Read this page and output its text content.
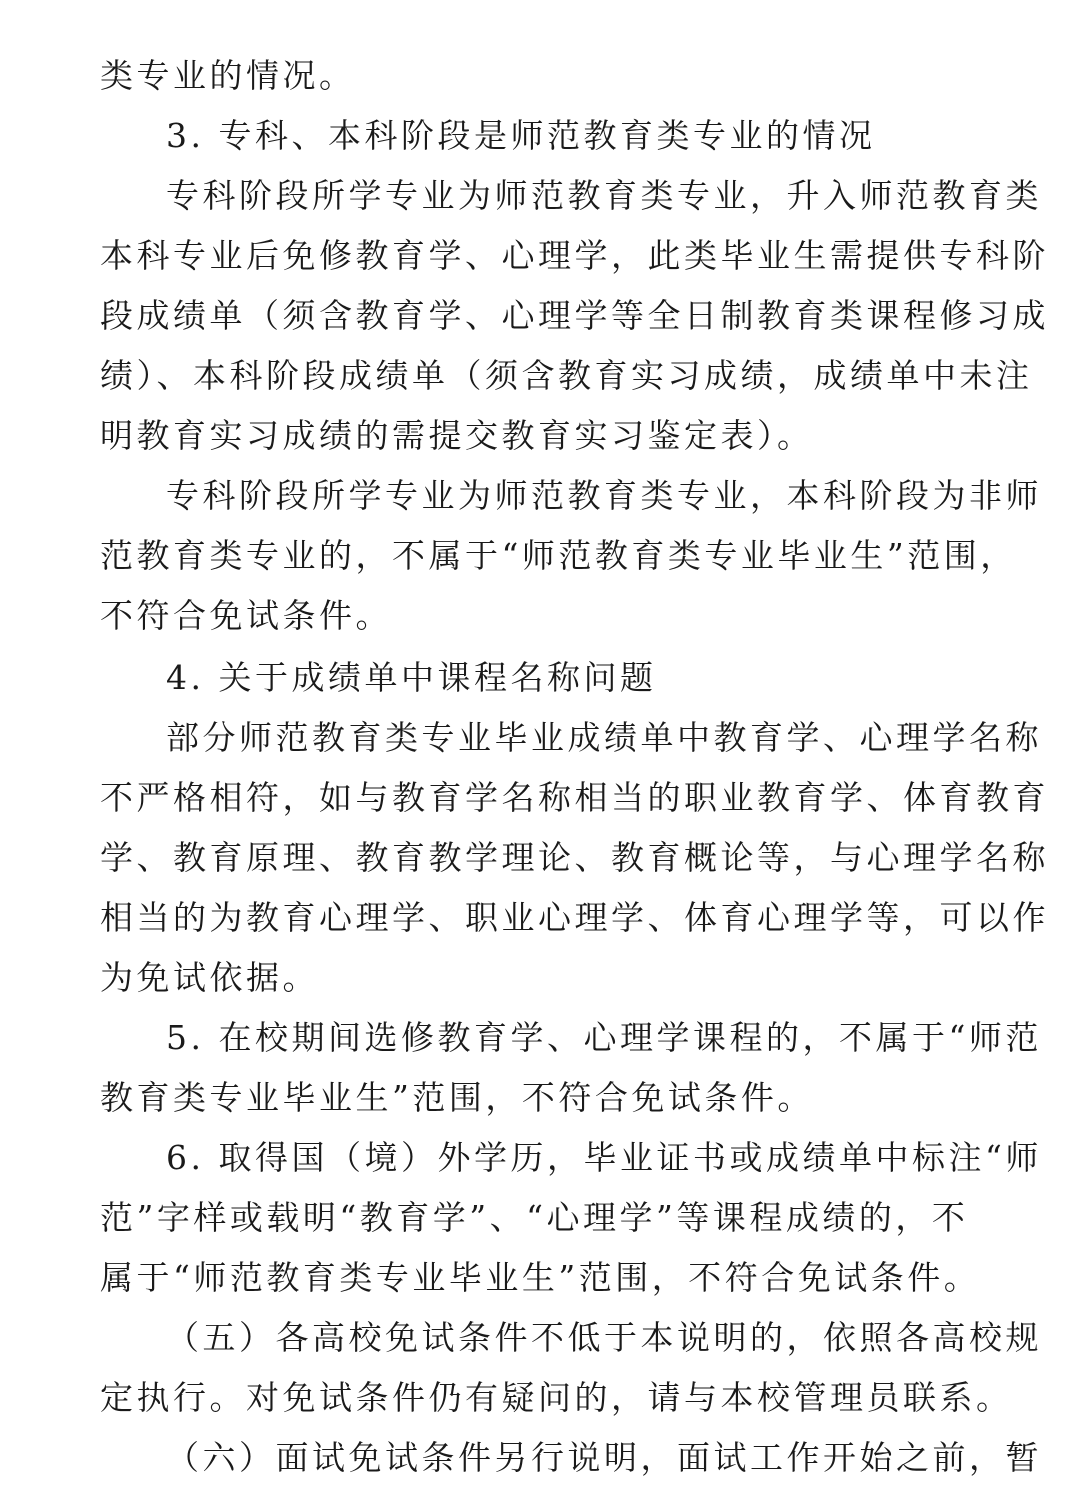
类专业的情况。
3. 专科、本科阶段是师范教育类专业的情况
专科阶段所学专业为师范教育类专业，升入师范教育类
本科专业后免修教育学、心理学，此类毕业生需提供专科阶
段成绩单（须含教育学、心理学等全日制教育类课程修习成
绩）、本科阶段成绩单（须含教育实习成绩，成绩单中未注
明教育实习成绩的需提交教育实习鉴定表）。
专科阶段所学专业为师范教育类专业，本科阶段为非师
范教育类专业的，不属于“师范教育类专业毕业生”范围，
不符合免试条件。
4. 关于成绩单中课程名称问题
部分师范教育类专业毕业成绩单中教育学、心理学名称
不严格相符，如与教育学名称相当的职业教育学、体育教育
学、教育原理、教育教学理论、教育概论等，与心理学名称
相当的为教育心理学、职业心理学、体育心理学等，可以作
为免试依据。
5. 在校期间选修教育学、心理学课程的，不属于“师范
教育类专业毕业生”范围，不符合免试条件。
6. 取得国（境）外学历，毕业证书或成绩单中标注“师
范”字样或载明“教育学”、“心理学”等课程成绩的，不
属于“师范教育类专业毕业生”范围，不符合免试条件。
（五）各高校免试条件不低于本说明的，依照各高校规
定执行。对免试条件仍有疑问的，请与本校管理员联系。
（六）面试免试条件另行说明，面试工作开始之前，暂
